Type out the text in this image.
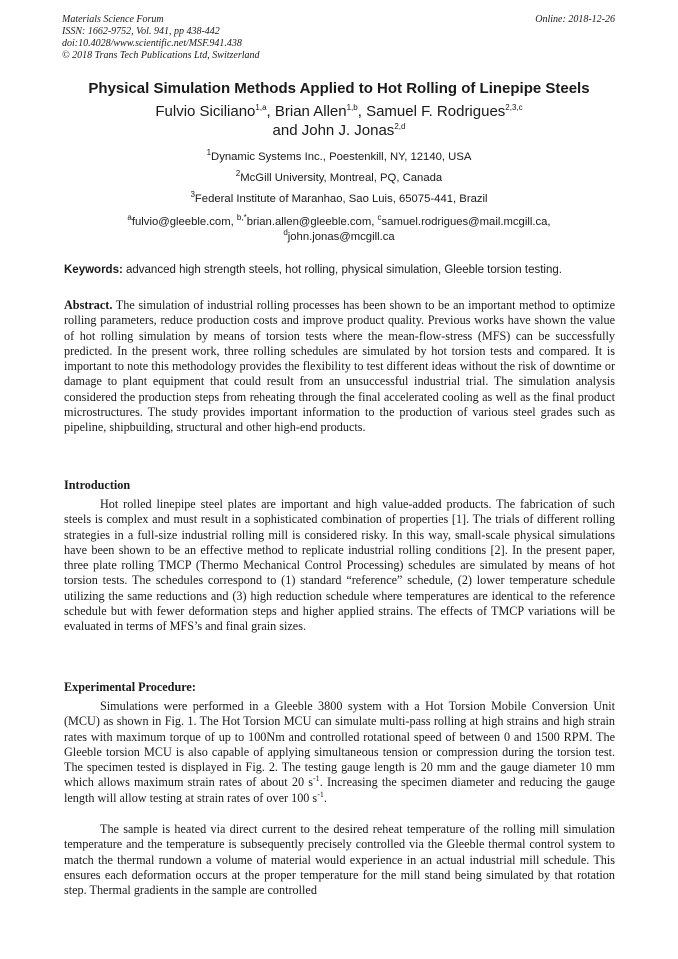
Materials Science Forum
ISSN: 1662-9752, Vol. 941, pp 438-442
doi:10.4028/www.scientific.net/MSF.941.438
© 2018 Trans Tech Publications Ltd, Switzerland
Online: 2018-12-26
Physical Simulation Methods Applied to Hot Rolling of Linepipe Steels
Fulvio Siciliano$^{1,a}$, Brian Allen$^{1,b}$, Samuel F. Rodrigues$^{2,3,c}$
and John J. Jonas$^{2,d}$
$^1$Dynamic Systems Inc., Poestenkill, NY, 12140, USA
$^2$McGill University, Montreal, PQ, Canada
$^3$Federal Institute of Maranhao, Sao Luis, 65075-441, Brazil
$^a$fulvio@gleeble.com, $^{b,*}$brian.allen@gleeble.com, $^c$samuel.rodrigues@mail.mcgill.ca,
$^d$john.jonas@mcgill.ca
Keywords: advanced high strength steels, hot rolling, physical simulation, Gleeble torsion testing.
Abstract. The simulation of industrial rolling processes has been shown to be an important method to optimize rolling parameters, reduce production costs and improve product quality. Previous works have shown the value of hot rolling simulation by means of torsion tests where the mean-flow-stress (MFS) can be successfully predicted. In the present work, three rolling schedules are simulated by hot torsion tests and compared. It is important to note this methodology provides the flexibility to test different ideas without the risk of downtime or damage to plant equipment that could result from an unsuccessful industrial trial. The simulation analysis considered the production steps from reheating through the final accelerated cooling as well as the final product microstructures. The study provides important information to the production of various steel grades such as pipeline, shipbuilding, structural and other high-end products.
Introduction
Hot rolled linepipe steel plates are important and high value-added products. The fabrication of such steels is complex and must result in a sophisticated combination of properties [1]. The trials of different rolling strategies in a full-size industrial rolling mill is considered risky. In this way, small-scale physical simulations have been shown to be an effective method to replicate industrial rolling conditions [2]. In the present paper, three plate rolling TMCP (Thermo Mechanical Control Processing) schedules are simulated by means of hot torsion tests. The schedules correspond to (1) standard “reference” schedule, (2) lower temperature schedule utilizing the same reductions and (3) high reduction schedule where temperatures are identical to the reference schedule but with fewer deformation steps and higher applied strains. The effects of TMCP variations will be evaluated in terms of MFS’s and final grain sizes.
Experimental Procedure:
Simulations were performed in a Gleeble 3800 system with a Hot Torsion Mobile Conversion Unit (MCU) as shown in Fig. 1. The Hot Torsion MCU can simulate multi-pass rolling at high strains and high strain rates with maximum torque of up to 100Nm and controlled rotational speed of between 0 and 1500 RPM. The Gleeble torsion MCU is also capable of applying simultaneous tension or compression during the torsion test. The specimen tested is displayed in Fig. 2. The testing gauge length is 20 mm and the gauge diameter 10 mm which allows maximum strain rates of about 20 $s^{-1}$. Increasing the specimen diameter and reducing the gauge length will allow testing at strain rates of over 100 $s^{-1}$.
The sample is heated via direct current to the desired reheat temperature of the rolling mill simulation temperature and the temperature is subsequently precisely controlled via the Gleeble thermal control system to match the thermal rundown a volume of material would experience in an actual industrial mill schedule. This ensures each deformation occurs at the proper temperature for the mill stand being simulated by that rotation step. Thermal gradients in the sample are controlled
